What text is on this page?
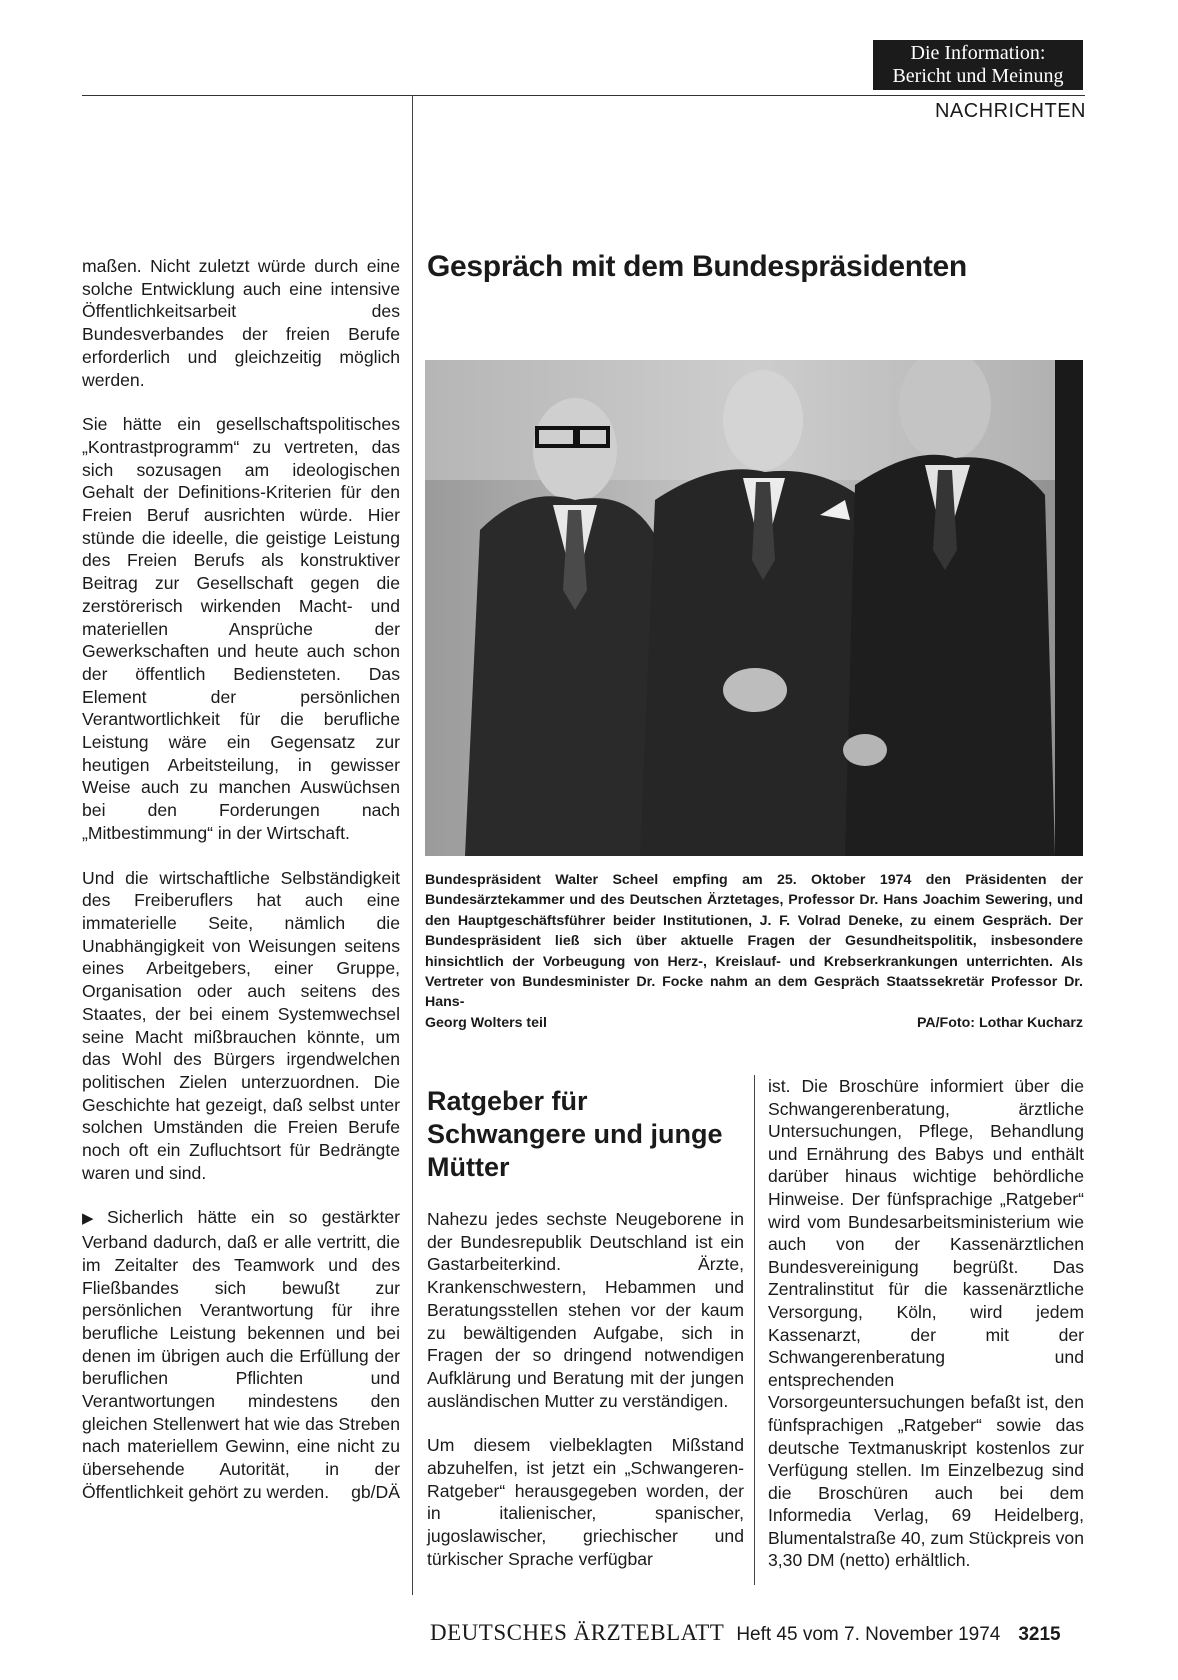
Die Information:
Bericht und Meinung
NACHRICHTEN

maßen. Nicht zuletzt würde durch eine solche Entwicklung auch eine intensive Öffentlichkeitsarbeit des Bundesverbandes der freien Berufe erforderlich und gleichzeitig möglich werden.

Sie hätte ein gesellschaftspolitisches „Kontrastprogramm“ zu vertreten, das sich sozusagen am ideologischen Gehalt der Definitions-Kriterien für den Freien Beruf ausrichten würde. Hier stünde die ideelle, die geistige Leistung des Freien Berufs als konstruktiver Beitrag zur Gesellschaft gegen die zerstörerisch wirkenden Macht- und materiellen Ansprüche der Gewerkschaften und heute auch schon der öffentlich Bediensteten. Das Element der persönlichen Verantwortlichkeit für die berufliche Leistung wäre ein Gegensatz zur heutigen Arbeitsteilung, in gewisser Weise auch zu manchen Auswüchsen bei den Forderungen nach „Mitbestimmung“ in der Wirtschaft.

Und die wirtschaftliche Selbständigkeit des Freiberuflers hat auch eine immaterielle Seite, nämlich die Unabhängigkeit von Weisungen seitens eines Arbeitgebers, einer Gruppe, Organisation oder auch seitens des Staates, der bei einem Systemwechsel seine Macht mißbrauchen könnte, um das Wohl des Bürgers irgendwelchen politischen Zielen unterzuordnen. Die Geschichte hat gezeigt, daß selbst unter solchen Umständen die Freien Berufe noch oft ein Zufluchtsort für Bedrängte waren und sind.

▶ Sicherlich hätte ein so gestärkter Verband dadurch, daß er alle vertritt, die im Zeitalter des Teamwork und des Fließbandes sich bewußt zur persönlichen Verantwortung für ihre berufliche Leistung bekennen und bei denen im übrigen auch die Erfüllung der beruflichen Pflichten und Verantwortungen mindestens den gleichen Stellenwert hat wie das Streben nach materiellem Gewinn, eine nicht zu übersehende Autorität, in der Öffentlichkeit gehört zu werden.	gb/DÄ
Gespräch mit dem Bundespräsidenten
Bundespräsident Walter Scheel empfing am 25. Oktober 1974 den Präsidenten der Bundesärztekammer und des Deutschen Ärztetages, Professor Dr. Hans Joachim Sewering, und den Hauptgeschäftsführer beider Institutionen, J. F. Volrad Deneke, zu einem Gespräch. Der Bundespräsident ließ sich über aktuelle Fragen der Gesundheitspolitik, insbesondere hinsichtlich der Vorbeugung von Herz-, Kreislauf- und Krebserkrankungen unterrichten. Als Vertreter von Bundesminister Dr. Focke nahm an dem Gespräch Staatssekretär Professor Dr. Hans-
Georg Wolters teil	PA/Foto: Lothar Kucharz
Ratgeber für Schwangere und junge Mütter

Nahezu jedes sechste Neugeborene in der Bundesrepublik Deutschland ist ein Gastarbeiterkind. Ärzte, Krankenschwestern, Hebammen und Beratungsstellen stehen vor der kaum zu bewältigenden Aufgabe, sich in Fragen der so dringend notwendigen Aufklärung und Beratung mit der jungen ausländischen Mutter zu verständigen.

Um diesem vielbeklagten Mißstand abzuhelfen, ist jetzt ein „Schwangeren-Ratgeber“ herausgegeben worden, der in italienischer, spanischer, jugoslawischer, griechischer und türkischer Sprache verfügbar

ist. Die Broschüre informiert über die Schwangerenberatung, ärztliche Untersuchungen, Pflege, Behandlung und Ernährung des Babys und enthält darüber hinaus wichtige behördliche Hinweise. Der fünfsprachige „Ratgeber“ wird vom Bundesarbeitsministerium wie auch von der Kassenärztlichen Bundesvereinigung begrüßt. Das Zentralinstitut für die kassenärztliche Versorgung, Köln, wird jedem Kassenarzt, der mit der Schwangerenberatung und entsprechenden Vorsorgeuntersuchungen befaßt ist, den fünfsprachigen „Ratgeber“ sowie das deutsche Textmanuskript kostenlos zur Verfügung stellen. Im Einzelbezug sind die Broschüren auch bei dem Informedia Verlag, 69 Heidelberg, Blumentalstraße 40, zum Stückpreis von 3,30 DM (netto) erhältlich.

DEUTSCHES ÄRZTEBLATT Heft 45 vom 7. November 1974 3215
